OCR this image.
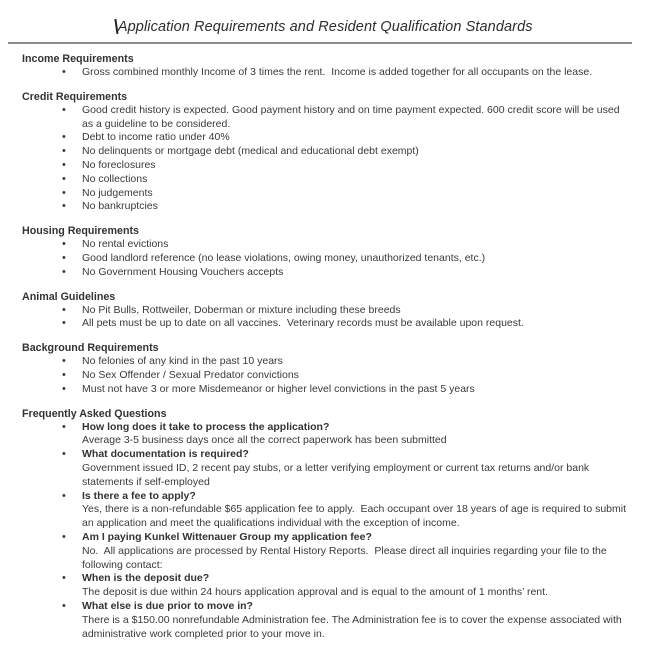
Application Requirements and Resident Qualification Standards
Income Requirements
• Gross combined monthly Income of 3 times the rent.  Income is added together for all occupants on the lease.
Credit Requirements
• Good credit history is expected. Good payment history and on time payment expected. 600 credit score will be used as a guideline to be considered.
• Debt to income ratio under 40%
• No delinquents or mortgage debt (medical and educational debt exempt)
• No foreclosures
• No collections
• No judgements
• No bankruptcies
Housing Requirements
• No rental evictions
• Good landlord reference (no lease violations, owing money, unauthorized tenants, etc.)
• No Government Housing Vouchers accepts
Animal Guidelines
• No Pit Bulls, Rottweiler, Doberman or mixture including these breeds
• All pets must be up to date on all vaccines.  Veterinary records must be available upon request.
Background Requirements
• No felonies of any kind in the past 10 years
• No Sex Offender / Sexual Predator convictions
• Must not have 3 or more Misdemeanor or higher level convictions in the past 5 years
Frequently Asked Questions
• How long does it take to process the application?
Average 3-5 business days once all the correct paperwork has been submitted
• What documentation is required?
Government issued ID, 2 recent pay stubs, or a letter verifying employment or current tax returns and/or bank statements if self-employed
• Is there a fee to apply?
Yes, there is a non-refundable $65 application fee to apply.  Each occupant over 18 years of age is required to submit an application and meet the qualifications individual with the exception of income.
• Am I paying Kunkel Wittenauer Group my application fee?
No.  All applications are processed by Rental History Reports.  Please direct all inquiries regarding your file to the following contact:
• When is the deposit due?
The deposit is due within 24 hours application approval and is equal to the amount of 1 months’ rent.
• What else is due prior to move in?
There is a $150.00 nonrefundable Administration fee. The Administration fee is to cover the expense associated with administrative work completed prior to your move in.
